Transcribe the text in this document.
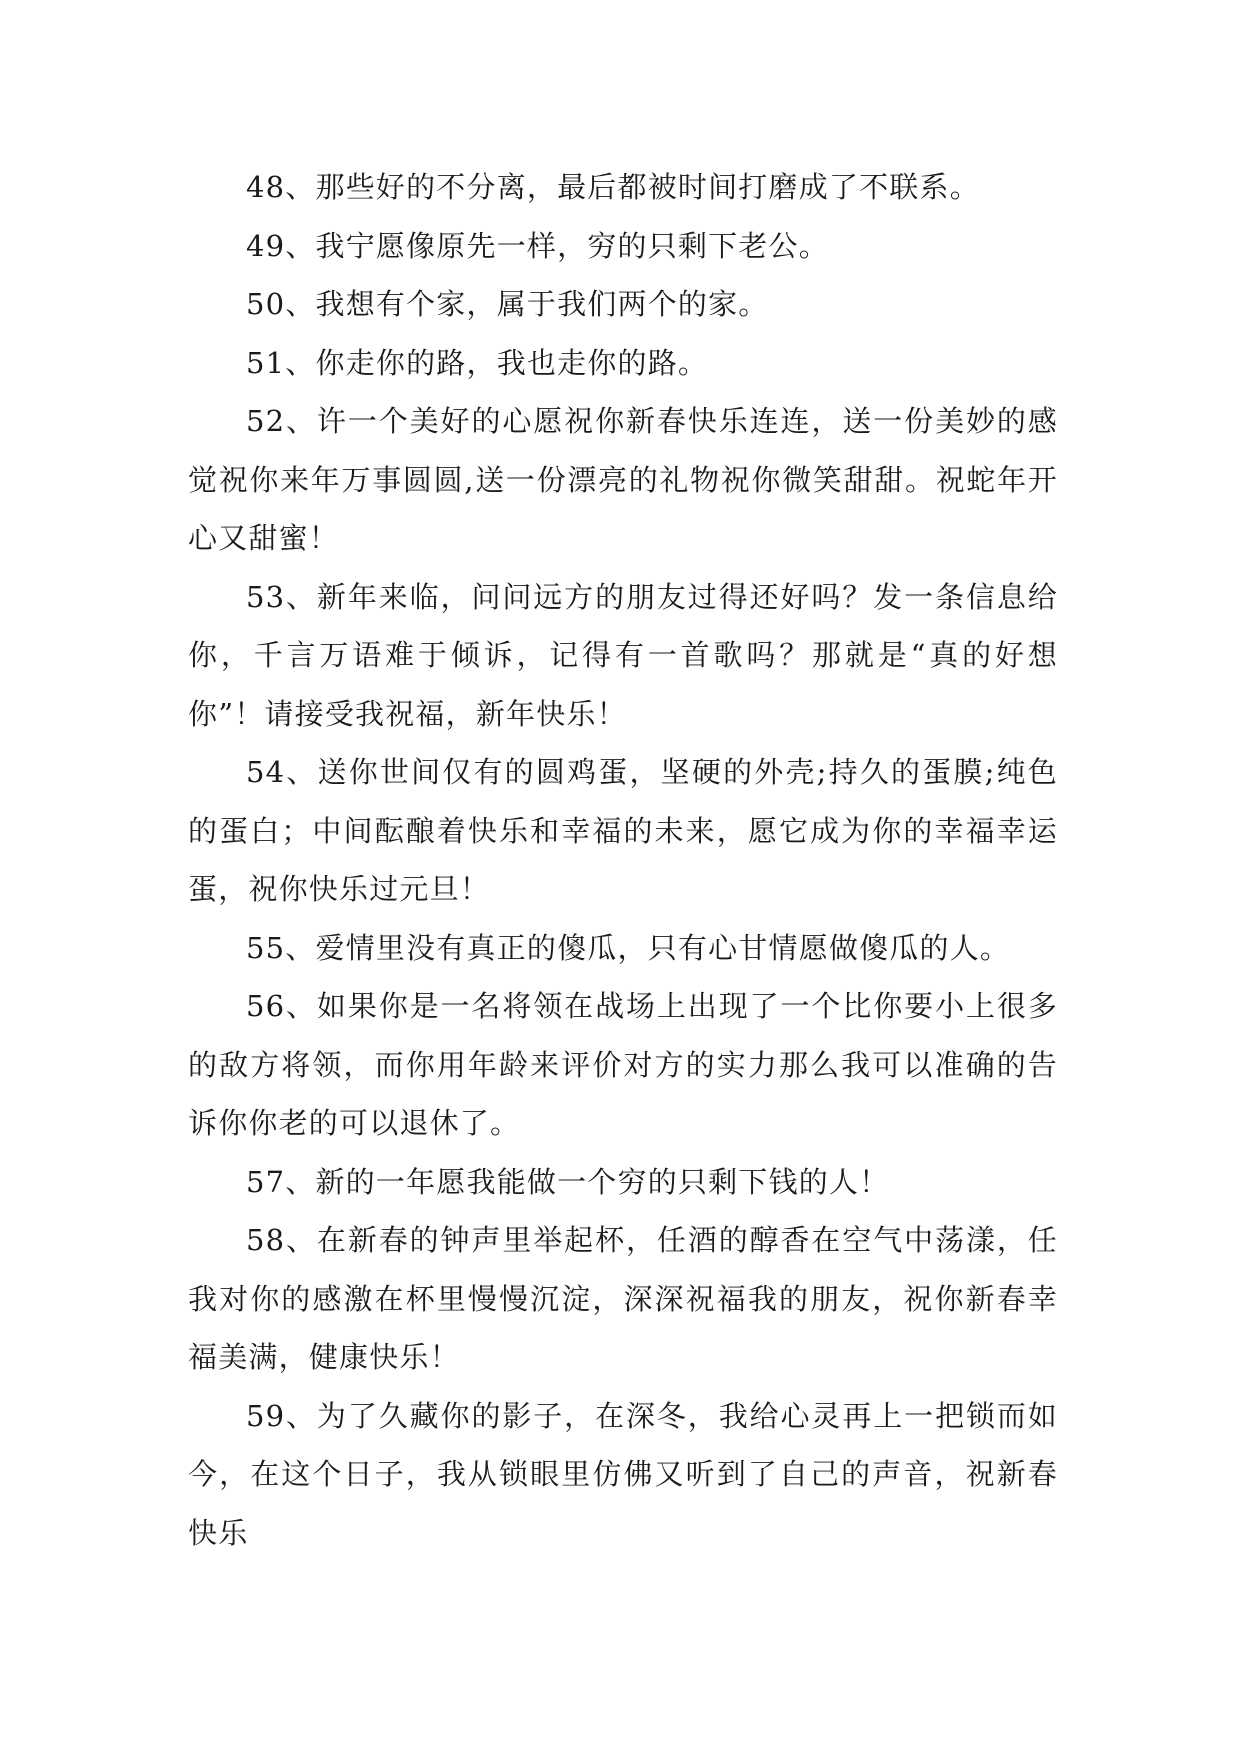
48、那些好的不分离，最后都被时间打磨成了不联系。

49、我宁愿像原先一样，穷的只剩下老公。

50、我想有个家，属于我们两个的家。

51、你走你的路，我也走你的路。

52、许一个美好的心愿祝你新春快乐连连，送一份美妙的感觉祝你来年万事圆圆,送一份漂亮的礼物祝你微笑甜甜。祝蛇年开心又甜蜜！

53、新年来临，问问远方的朋友过得还好吗？发一条信息给你，千言万语难于倾诉，记得有一首歌吗？那就是“真的好想你”！请接受我祝福，新年快乐！

54、送你世间仅有的圆鸡蛋，坚硬的外壳;持久的蛋膜;纯色的蛋白；中间酝酿着快乐和幸福的未来，愿它成为你的幸福幸运蛋，祝你快乐过元旦！

55、爱情里没有真正的傻瓜，只有心甘情愿做傻瓜的人。

56、如果你是一名将领在战场上出现了一个比你要小上很多的敌方将领，而你用年龄来评价对方的实力那么我可以准确的告诉你你老的可以退休了。

57、新的一年愿我能做一个穷的只剩下钱的人！

58、在新春的钟声里举起杯，任酒的醇香在空气中荡漾，任我对你的感激在杯里慢慢沉淀，深深祝福我的朋友，祝你新春幸福美满，健康快乐！

59、为了久藏你的影子，在深冬，我给心灵再上一把锁而如今，在这个日子，我从锁眼里仿佛又听到了自己的声音，祝新春快乐
